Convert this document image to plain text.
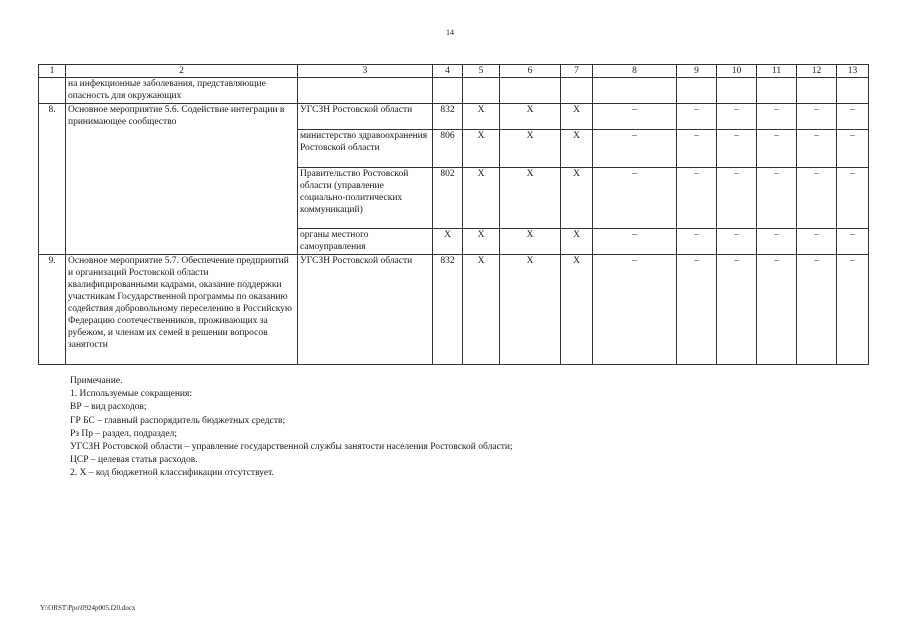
14
1	2	3	4	5	6	7	8	9	10	11	12	13
	на инфекционные заболевания, представляющие опасность для окружающих											
8.	Основное мероприятие 5.6. Содействие интеграции в принимающее сообщество	УГСЗН Ростовской области	832	Х	Х	Х	–	–	–	–	–	–
		министерство здравоохранения Ростовской области	806	Х	Х	Х	–	–	–	–	–	–
		Правительство Ростовской области (управление социально-политических коммуникаций)	802	Х	Х	Х	–	–	–	–	–	–
		органы местного самоуправления	Х	Х	Х	Х	–	–	–	–	–	–
9.	Основное мероприятие 5.7. Обеспечение предприятий и организаций Ростовской области квалифицированными кадрами, оказание поддержки участникам Государственной программы по оказанию содействия добровольному переселению в Российскую Федерацию соотечественников, проживающих за рубежом, и членам их семей в решении вопросов занятости	УГСЗН Ростовской области	832	Х	Х	Х	–	–	–	–	–	–
Примечание.
1. Используемые сокращения:
ВР – вид расходов;
ГР БС – главный распорядитель бюджетных средств;
Рз Пр – раздел, подраздел;
УГСЗН Ростовской области – управление государственной службы занятости населения Ростовской области;
ЦСР – целевая статья расходов.
2. Х – код бюджетной классификации отсутствует.
Y:\ORST\Ppo\0924p005.f20.docx
